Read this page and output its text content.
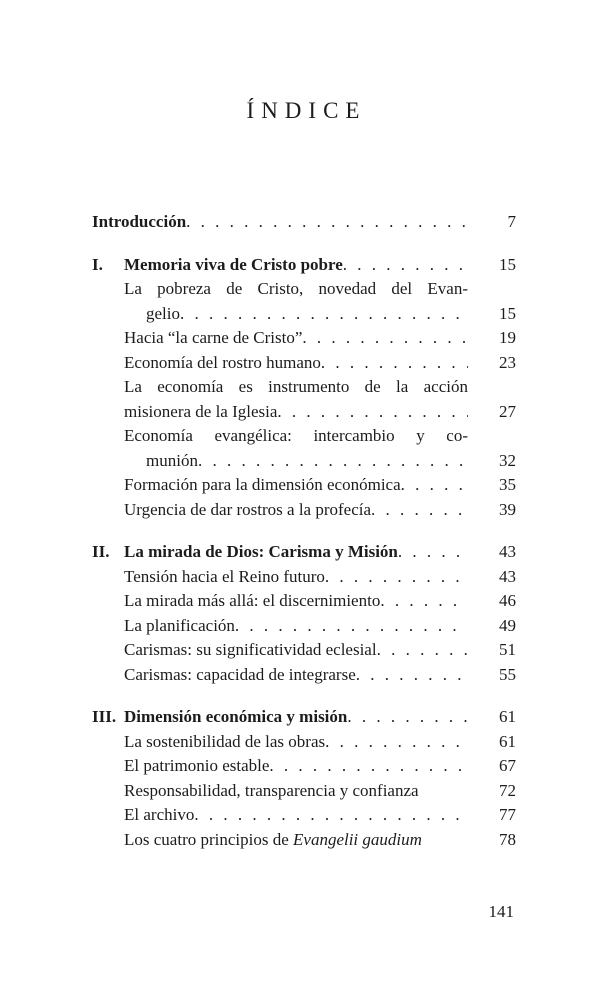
ÍNDICE
Introducción . . .	7
I. Memoria viva de Cristo pobre . . .	15
La pobreza de Cristo, novedad del Evan-
gelio . . .	15
Hacia “la carne de Cristo” . . .	19
Economía del rostro humano . . .	23
La economía es instrumento de la acción
misionera de la Iglesia . . .	27
Economía evangélica: intercambio y co-
munión . . .	32
Formación para la dimensión económica . . .	35
Urgencia de dar rostros a la profecía . . .	39
II. La mirada de Dios: Carisma y Misión . . .	43
Tensión hacia el Reino futuro . . .	43
La mirada más allá: el discernimiento . . .	46
La planificación . . .	49
Carismas: su significatividad eclesial . . .	51
Carismas: capacidad de integrarse . . .	55
III. Dimensión económica y misión . . .	61
La sostenibilidad de las obras . . .	61
El patrimonio estable . . .	67
Responsabilidad, transparencia y confianza	72
El archivo . . .	77
Los cuatro principios de Evangelii gaudium	78
141
